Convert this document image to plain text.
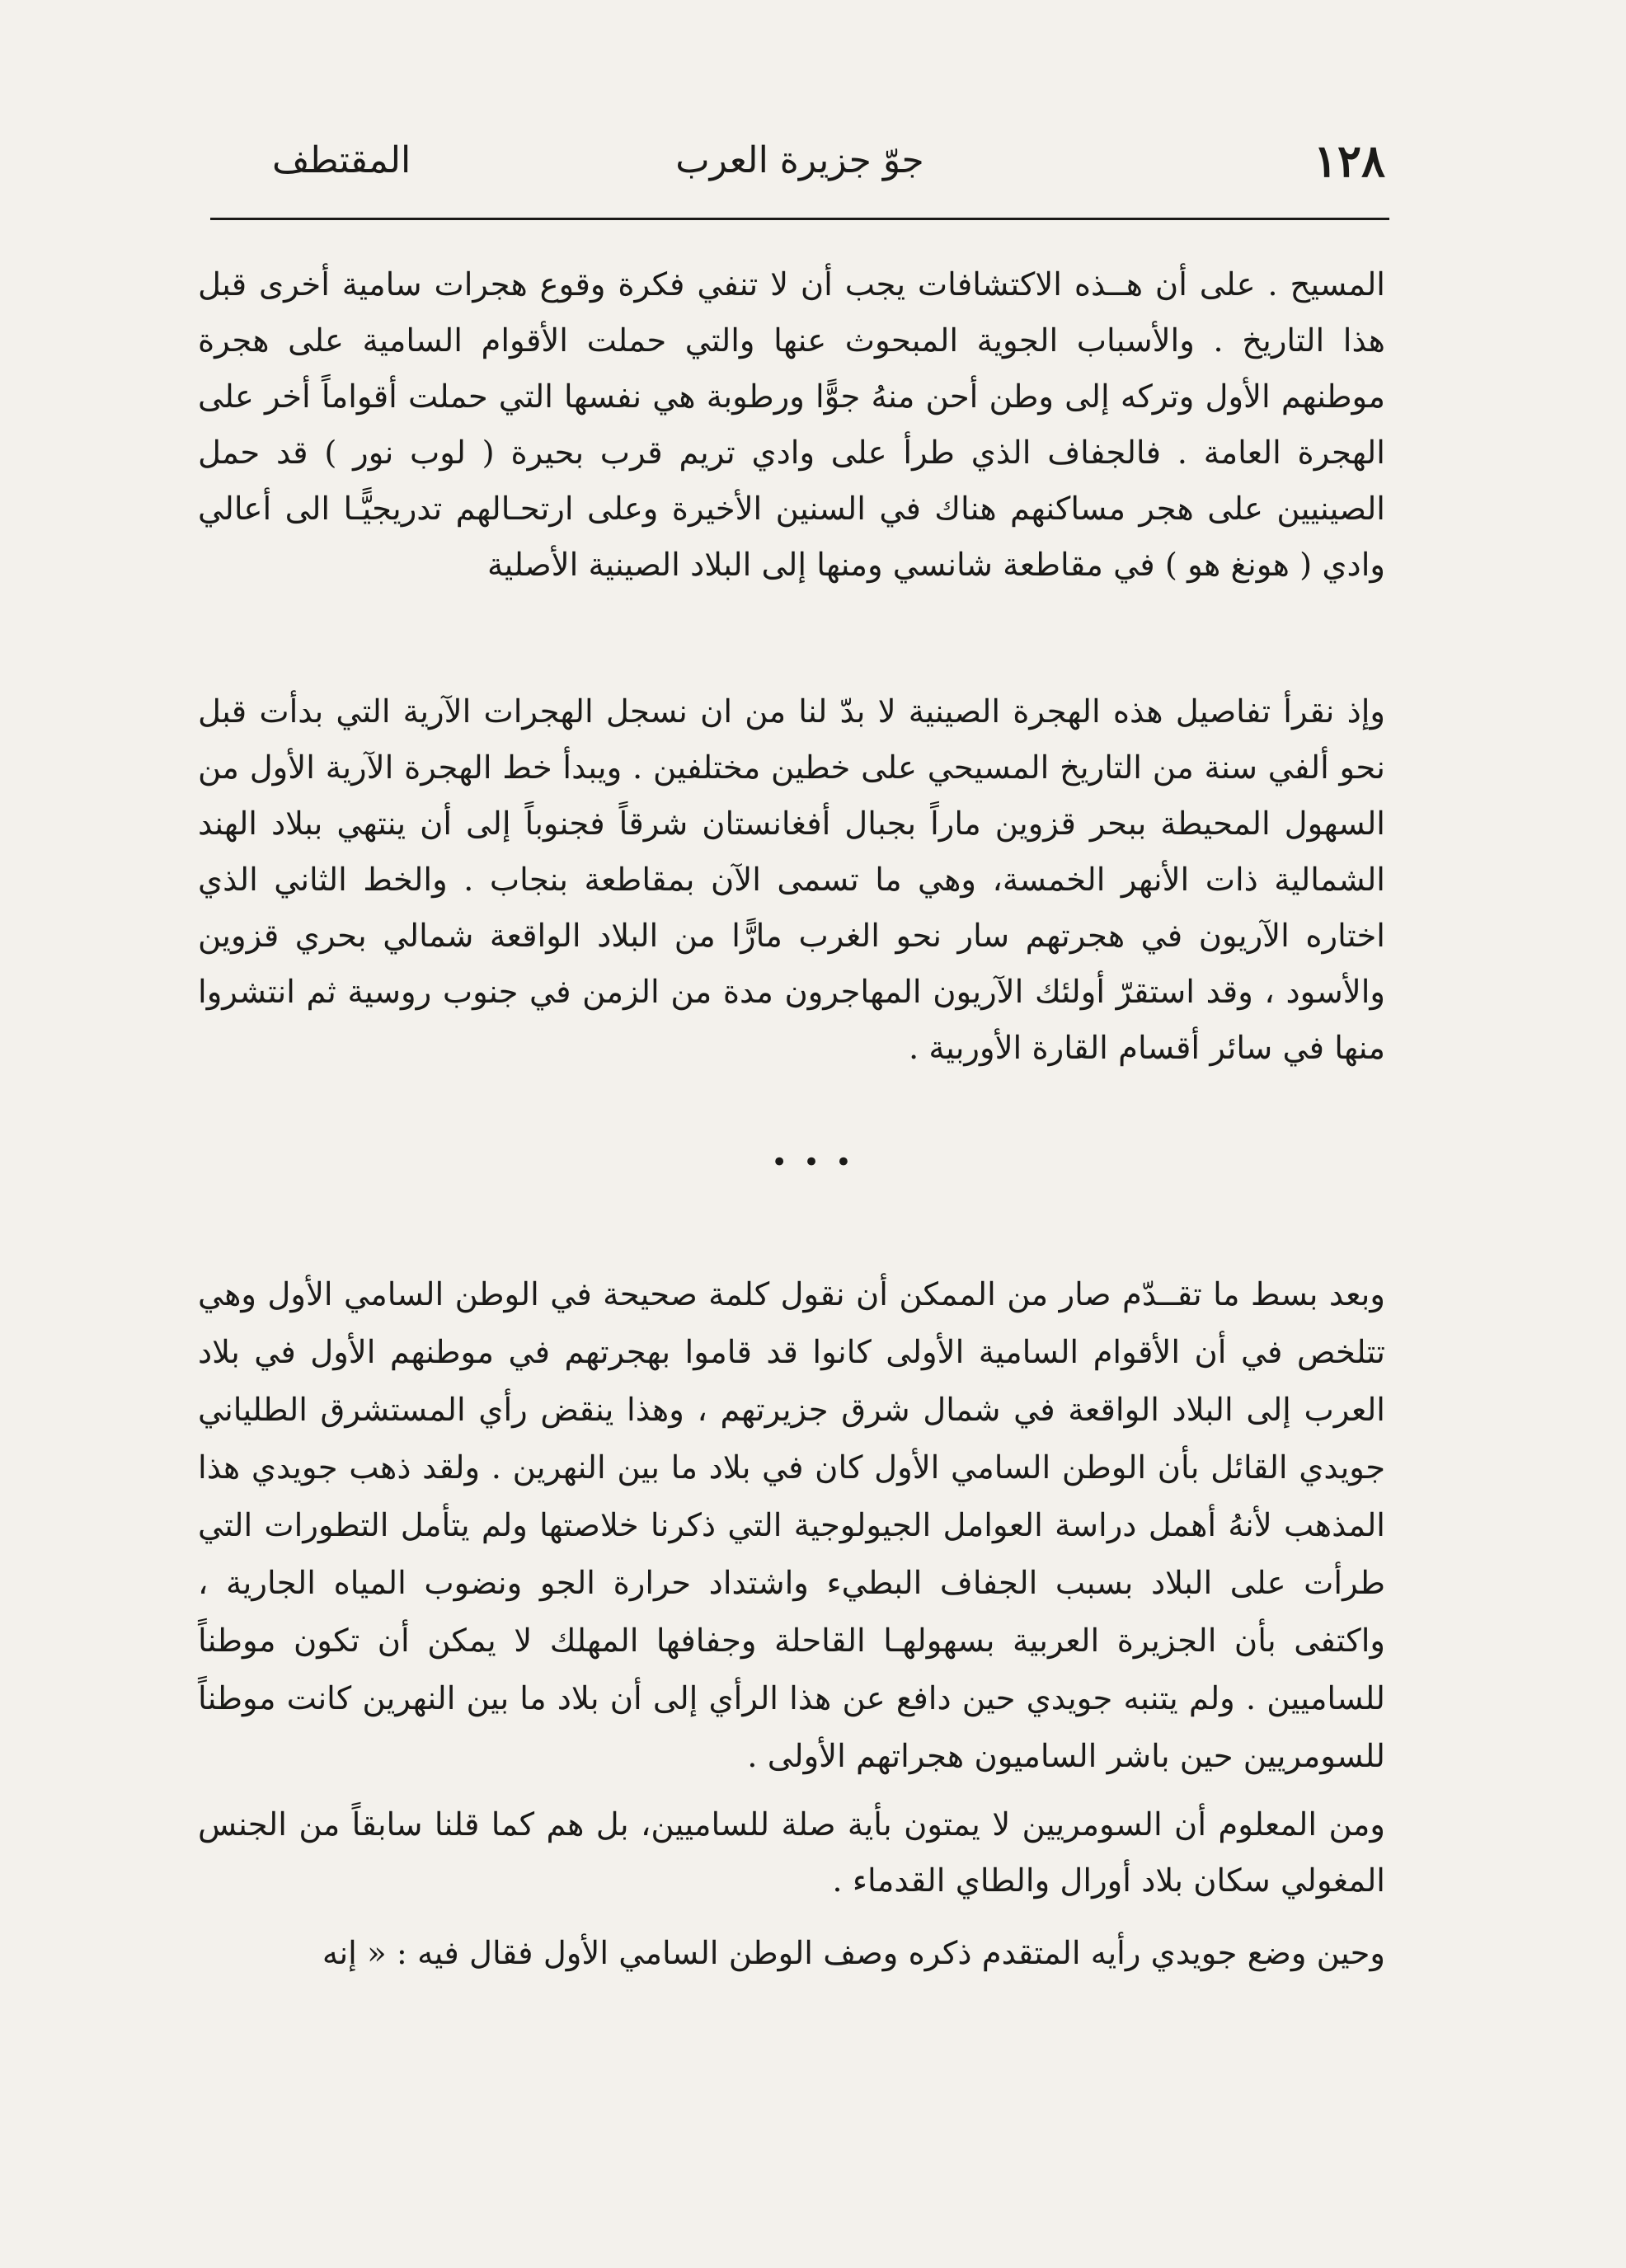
١٢٨
جوّ جزيرة العرب
المقتطف

المسيح . على أن هــذه الاكتشافات يجب أن لا تنفي فكرة وقوع هجرات سامية أخرى قبل هذا التاريخ . والأسباب الجوية المبحوث عنها والتي حملت الأقوام السامية على هجرة موطنهم الأول وتركه إلى وطن أحن منهُ جوًّا ورطوبة هي نفسها التي حملت أقواماً أخر على الهجرة العامة . فالجفاف الذي طرأ على وادي تريم قرب بحيرة ( لوب نور ) قد حمل الصينيين على هجر مساكنهم هناك في السنين الأخيرة وعلى ارتحـالهم تدريجيًّـا الى أعالي وادي ( هونغ هو ) في مقاطعة شانسي ومنها إلى البلاد الصينية الأصلية

وإذ نقرأ تفاصيل هذه الهجرة الصينية لا بدّ لنا من ان نسجل الهجرات الآرية التي بدأت قبل نحو ألفي سنة من التاريخ المسيحي على خطين مختلفين . ويبدأ خط الهجرة الآرية الأول من السهول المحيطة ببحر قزوين ماراً بجبال أفغانستان شرقاً فجنوباً إلى أن ينتهي ببلاد الهند الشمالية ذات الأنهر الخمسة، وهي ما تسمى الآن بمقاطعة بنجاب . والخط الثاني الذي اختاره الآريون في هجرتهم سار نحو الغرب مارًّا من البلاد الواقعة شمالي بحري قزوين والأسود ، وقد استقرّ أولئك الآريون المهاجرون مدة من الزمن في جنوب روسية ثم انتشروا منها في سائر أقسام القارة الأوربية .

• • •

وبعد بسط ما تقــدّم صار من الممكن أن نقول كلمة صحيحة في الوطن السامي الأول وهي تتلخص في أن الأقوام السامية الأولى كانوا قد قاموا بهجرتهم في موطنهم الأول في بلاد العرب إلى البلاد الواقعة في شمال شرق جزيرتهم ، وهذا ينقض رأي المستشرق الطلياني جويدي القائل بأن الوطن السامي الأول كان في بلاد ما بين النهرين . ولقد ذهب جويدي هذا المذهب لأنهُ أهمل دراسة العوامل الجيولوجية التي ذكرنا خلاصتها ولم يتأمل التطورات التي طرأت على البلاد بسبب الجفاف البطيء واشتداد حرارة الجو ونضوب المياه الجارية ، واكتفى بأن الجزيرة العربية بسهولهـا القاحلة وجفافها المهلك لا يمكن أن تكون موطناً للساميين . ولم يتنبه جويدي حين دافع عن هذا الرأي إلى أن بلاد ما بين النهرين كانت موطناً للسومريين حين باشر الساميون هجراتهم الأولى .

ومن المعلوم أن السومريين لا يمتون بأية صلة للساميين، بل هم كما قلنا سابقاً من الجنس المغولي سكان بلاد أورال والطاي القدماء .

وحين وضع جويدي رأيه المتقدم ذكره وصف الوطن السامي الأول فقال فيه : « إنه
